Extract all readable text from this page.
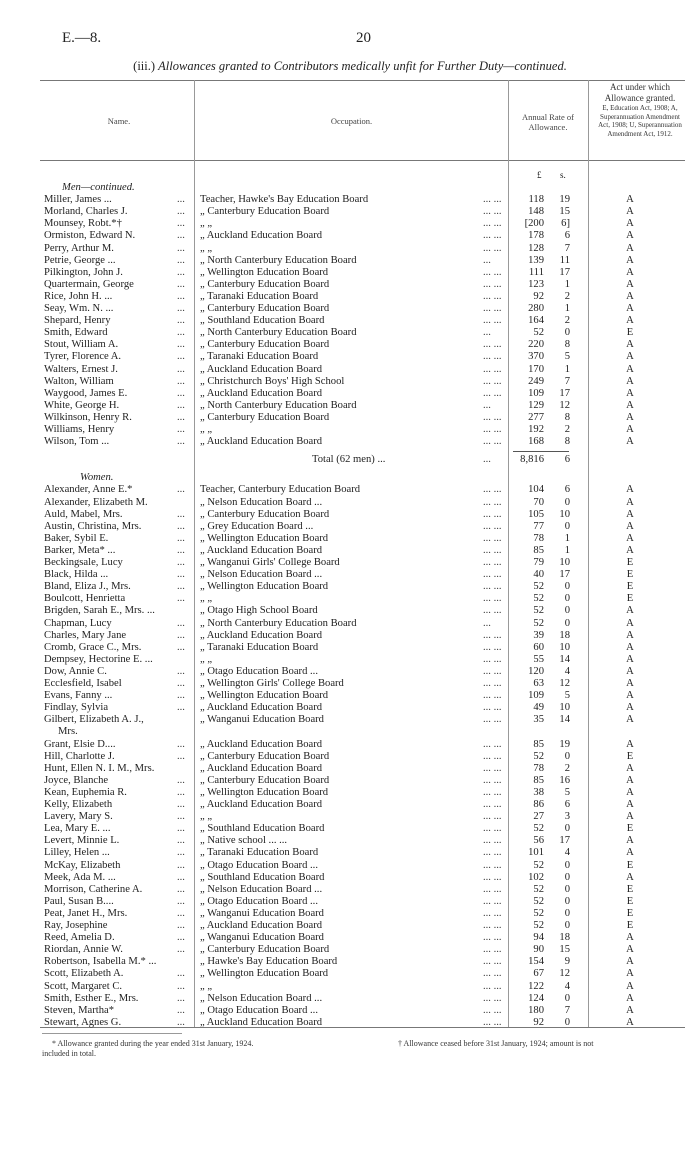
E.—8.	20
(iii.) Allowances granted to Contributors medically unfit for Further Duty—continued.
Name.	Occupation.	Annual Rate of Allowance.
Act under which Allowance granted.
E, Education Act, 1908; A, Superannuation Amendment Act, 1908; U, Superannuation Amendment Act, 1912.
£ s.
Men—continued.
Miller, James ...	... Teacher, Hawke's Bay Education Board	... ...	118	19	A
Morland, Charles J.	... „ Canterbury Education Board	... ...	148	15	A
Mounsey, Robt.*†	... „ „	... ...	[200	6]	A
Ormiston, Edward N.	... „ Auckland Education Board	... ...	178	6	A
Perry, Arthur M.	... „ „	... ...	128	7	A
Petrie, George ...	... „ North Canterbury Education Board	...	139	11	A
Pilkington, John J.	... „ Wellington Education Board	... ...	111	17	A
Quartermain, George	... „ Canterbury Education Board	... ...	123	1	A
Rice, John H. ...	... „ Taranaki Education Board	... ...	92	2	A
Seay, Wm. N. ...	... „ Canterbury Education Board	... ...	280	1	A
Shepard, Henry	... „ Southland Education Board	... ...	164	2	A
Smith, Edward	... „ North Canterbury Education Board	...	52	0	E
Stout, William A.	... „ Canterbury Education Board	... ...	220	8	A
Tyrer, Florence A.	... „ Taranaki Education Board	... ...	370	5	A
Walters, Ernest J.	... „ Auckland Education Board	... ...	170	1	A
Walton, William	... „ Christchurch Boys' High School	... ...	249	7	A
Waygood, James E.	... „ Auckland Education Board	... ...	109	17	A
White, George H.	... „ North Canterbury Education Board	...	129	12	A
Wilkinson, Henry R.	... „ Canterbury Education Board	... ...	277	8	A
Williams, Henry	... „ „	... ...	192	2	A
Wilson, Tom ...	... „ Auckland Education Board	... ...	168	8	A
Total (62 men) ...	...	8,816	6
Women.
Alexander, Anne E.*	... Teacher, Canterbury Education Board	... ...	104	6	A
Alexander, Elizabeth M.	„ Nelson Education Board ...	... ...	70	0	A
Auld, Mabel, Mrs.	... „ Canterbury Education Board	... ...	105	10	A
Austin, Christina, Mrs.	... „ Grey Education Board ...	... ...	77	0	A
Baker, Sybil E.	... „ Wellington Education Board	... ...	78	1	A
Barker, Meta* ...	... „ Auckland Education Board	... ...	85	1	A
Beckingsale, Lucy	... „ Wanganui Girls' College Board	... ...	79	10	E
Black, Hilda ...	... „ Nelson Education Board ...	... ...	40	17	E
Bland, Eliza J., Mrs.	... „ Wellington Education Board	... ...	52	0	E
Boulcott, Henrietta	... „ „	... ...	52	0	E
Brigden, Sarah E., Mrs. ...	„ Otago High School Board	... ...	52	0	A
Chapman, Lucy	... „ North Canterbury Education Board	...	52	0	A
Charles, Mary Jane	... „ Auckland Education Board	... ...	39	18	A
Cromb, Grace C., Mrs.	... „ Taranaki Education Board	... ...	60	10	A
Dempsey, Hectorine E. ...	„ „	... ...	55	14	A
Dow, Annie C.	... „ Otago Education Board ...	... ...	120	4	A
Ecclesfield, Isabel	... „ Wellington Girls' College Board	... ...	63	12	A
Evans, Fanny ...	... „ Wellington Education Board	... ...	109	5	A
Findlay, Sylvia	... „ Auckland Education Board	... ...	49	10	A
Gilbert, Elizabeth A. J.,	„ Wanganui Education Board	... ...	35	14	A
Mrs.
Grant, Elsie D....	... „ Auckland Education Board	... ...	85	19	A
Hill, Charlotte J.	... „ Canterbury Education Board	... ...	52	0	E
Hunt, Ellen N. I. M., Mrs.	„ Auckland Education Board	... ...	78	2	A
Joyce, Blanche	... „ Canterbury Education Board	... ...	85	16	A
Kean, Euphemia R.	... „ Wellington Education Board	... ...	38	5	A
Kelly, Elizabeth	... „ Auckland Education Board	... ...	86	6	A
Lavery, Mary S.	... „ „	... ...	27	3	A
Lea, Mary E. ...	... „ Southland Education Board	... ...	52	0	E
Levert, Minnie L.	... „ Native school ... ...	... ...	56	17	A
Lilley, Helen ...	... „ Taranaki Education Board	... ...	101	4	A
McKay, Elizabeth	... „ Otago Education Board ...	... ...	52	0	E
Meek, Ada M. ...	... „ Southland Education Board	... ...	102	0	A
Morrison, Catherine A.	... „ Nelson Education Board ...	... ...	52	0	E
Paul, Susan B....	... „ Otago Education Board ...	... ...	52	0	E
Peat, Janet H., Mrs.	... „ Wanganui Education Board	... ...	52	0	E
Ray, Josephine	... „ Auckland Education Board	... ...	52	0	E
Reed, Amelia D.	... „ Wanganui Education Board	... ...	94	18	A
Riordan, Annie W.	... „ Canterbury Education Board	... ...	90	15	A
Robertson, Isabella M.* ...	„ Hawke's Bay Education Board	... ...	154	9	A
Scott, Elizabeth A.	... „ Wellington Education Board	... ...	67	12	A
Scott, Margaret C.	... „ „	... ...	122	4	A
Smith, Esther E., Mrs.	... „ Nelson Education Board ...	... ...	124	0	A
Steven, Martha*	... „ Otago Education Board ...	... ...	180	7	A
Stewart, Agnes G.	... „ Auckland Education Board	... ...	92	0	A
* Allowance granted during the year ended 31st January, 1924.	† Allowance ceased before 31st January, 1924; amount is not
included in total.
